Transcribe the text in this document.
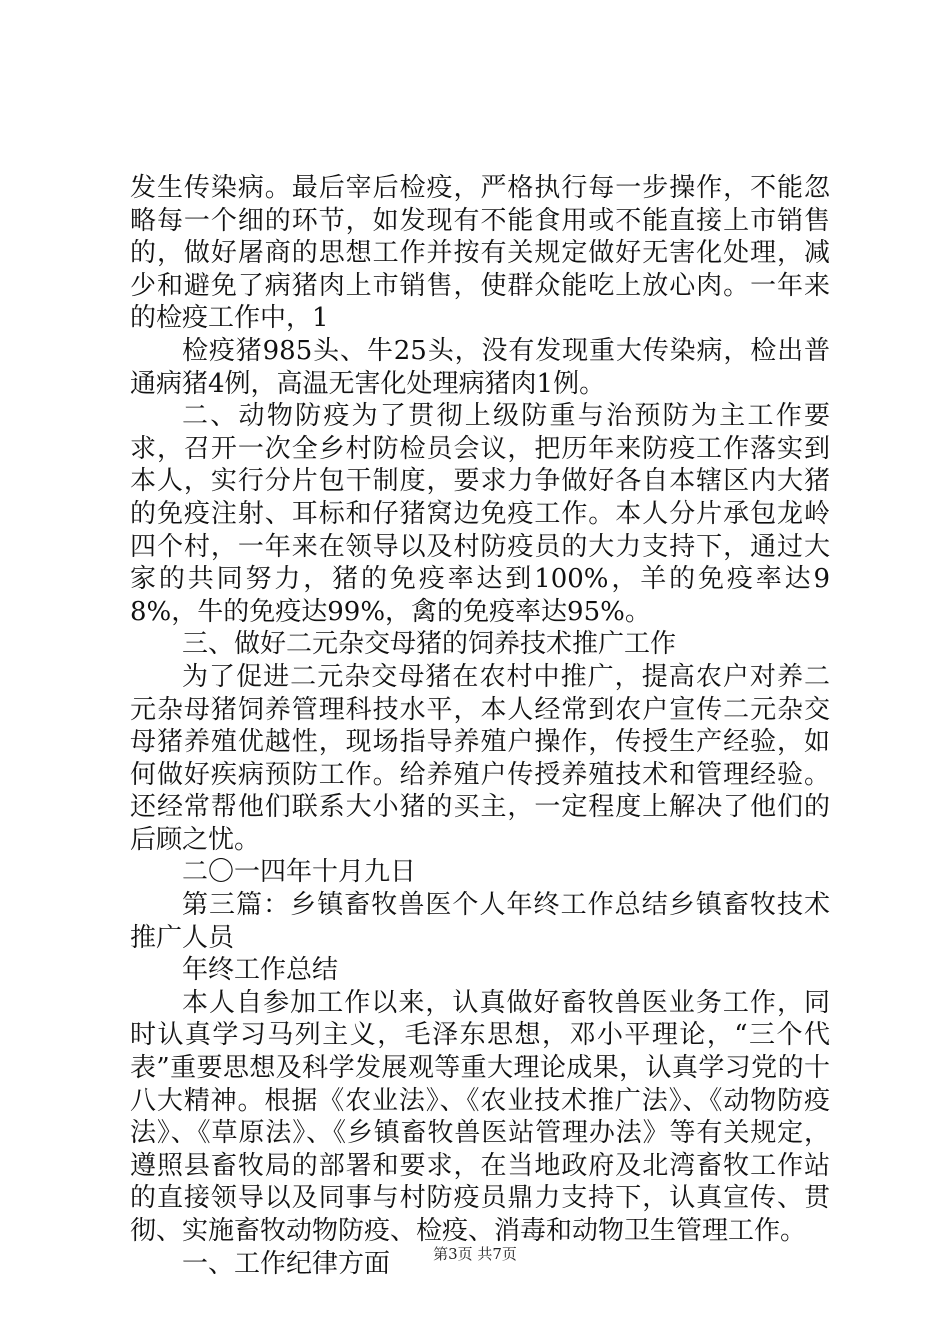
发生传染病。最后宰后检疫，严格执行每一步操作，不能忽略每一个细的环节，如发现有不能食用或不能直接上市销售的，做好屠商的思想工作并按有关规定做好无害化处理，减少和避免了病猪肉上市销售，使群众能吃上放心肉。一年来的检疫工作中，1

检疫猪985头、牛25头，没有发现重大传染病，检出普通病猪4例，高温无害化处理病猪肉1例。

二、动物防疫为了贯彻上级防重与治预防为主工作要求，召开一次全乡村防检员会议，把历年来防疫工作落实到本人，实行分片包干制度，要求力争做好各自本辖区内大猪的免疫注射、耳标和仔猪窝边免疫工作。本人分片承包龙岭四个村，一年来在领导以及村防疫员的大力支持下，通过大家的共同努力，猪的免疫率达到100%，羊的免疫率达98%，牛的免疫达99%，禽的免疫率达95%。

三、做好二元杂交母猪的饲养技术推广工作

为了促进二元杂交母猪在农村中推广，提高农户对养二元杂母猪饲养管理科技水平，本人经常到农户宣传二元杂交母猪养殖优越性，现场指导养殖户操作，传授生产经验，如何做好疾病预防工作。给养殖户传授养殖技术和管理经验。还经常帮他们联系大小猪的买主，一定程度上解决了他们的后顾之忧。

二〇一四年十月九日

第三篇：乡镇畜牧兽医个人年终工作总结乡镇畜牧技术推广人员

年终工作总结

本人自参加工作以来，认真做好畜牧兽医业务工作，同时认真学习马列主义，毛泽东思想，邓小平理论，“三个代表”重要思想及科学发展观等重大理论成果，认真学习党的十八大精神。根据《农业法》、《农业技术推广法》、《动物防疫法》、《草原法》、《乡镇畜牧兽医站管理办法》等有关规定，遵照县畜牧局的部署和要求，在当地政府及北湾畜牧工作站的直接领导以及同事与村防疫员鼎力支持下，认真宣传、贯彻、实施畜牧动物防疫、检疫、消毒和动物卫生管理工作。

一、工作纪律方面	第3页 共7页
